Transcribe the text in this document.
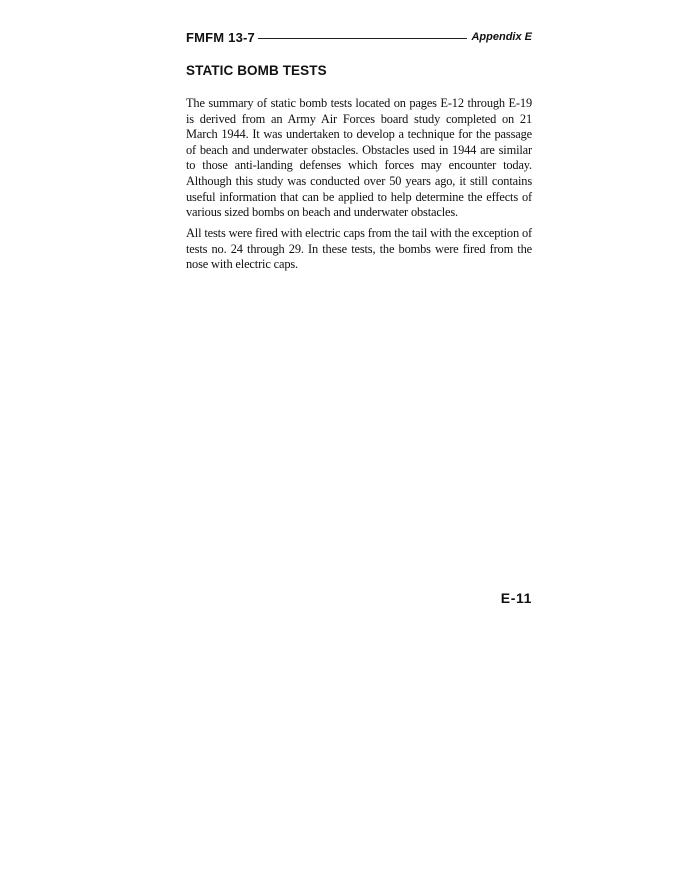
FMFM 13-7	Appendix E
STATIC BOMB TESTS

The summary of static bomb tests located on pages E-12 through E-19 is derived from an Army Air Forces board study completed on 21 March 1944. It was undertaken to develop a technique for the passage of beach and underwater obstacles. Obstacles used in 1944 are similar to those anti-landing defenses which forces may encounter today. Although this study was conducted over 50 years ago, it still contains useful information that can be applied to help determine the effects of various sized bombs on beach and underwater obstacles.

All tests were fired with electric caps from the tail with the exception of tests no. 24 through 29. In these tests, the bombs were fired from the nose with electric caps.

E-11
